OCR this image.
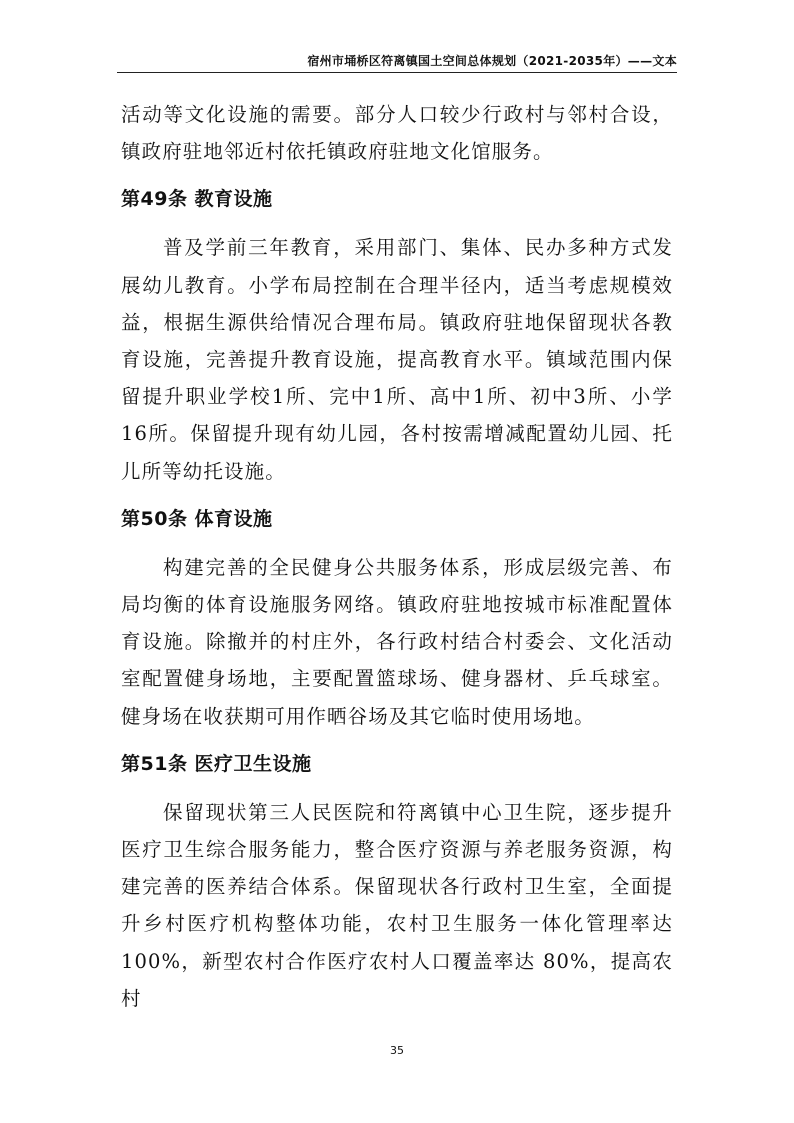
宿州市埇桥区符离镇国土空间总体规划（2021-2035年）——文本

活动等文化设施的需要。部分人口较少行政村与邻村合设，镇政府驻地邻近村依托镇政府驻地文化馆服务。

第49条 教育设施

普及学前三年教育，采用部门、集体、民办多种方式发展幼儿教育。小学布局控制在合理半径内，适当考虑规模效益，根据生源供给情况合理布局。镇政府驻地保留现状各教育设施，完善提升教育设施，提高教育水平。镇域范围内保留提升职业学校1所、完中1所、高中1所、初中3所、小学16所。保留提升现有幼儿园，各村按需增减配置幼儿园、托儿所等幼托设施。

第50条 体育设施

构建完善的全民健身公共服务体系，形成层级完善、布局均衡的体育设施服务网络。镇政府驻地按城市标准配置体育设施。除撤并的村庄外，各行政村结合村委会、文化活动室配置健身场地，主要配置篮球场、健身器材、乒乓球室。健身场在收获期可用作晒谷场及其它临时使用场地。

第51条 医疗卫生设施

保留现状第三人民医院和符离镇中心卫生院，逐步提升医疗卫生综合服务能力，整合医疗资源与养老服务资源，构建完善的医养结合体系。保留现状各行政村卫生室，全面提升乡村医疗机构整体功能，农村卫生服务一体化管理率达100%，新型农村合作医疗农村人口覆盖率达 80%，提高农村

35
